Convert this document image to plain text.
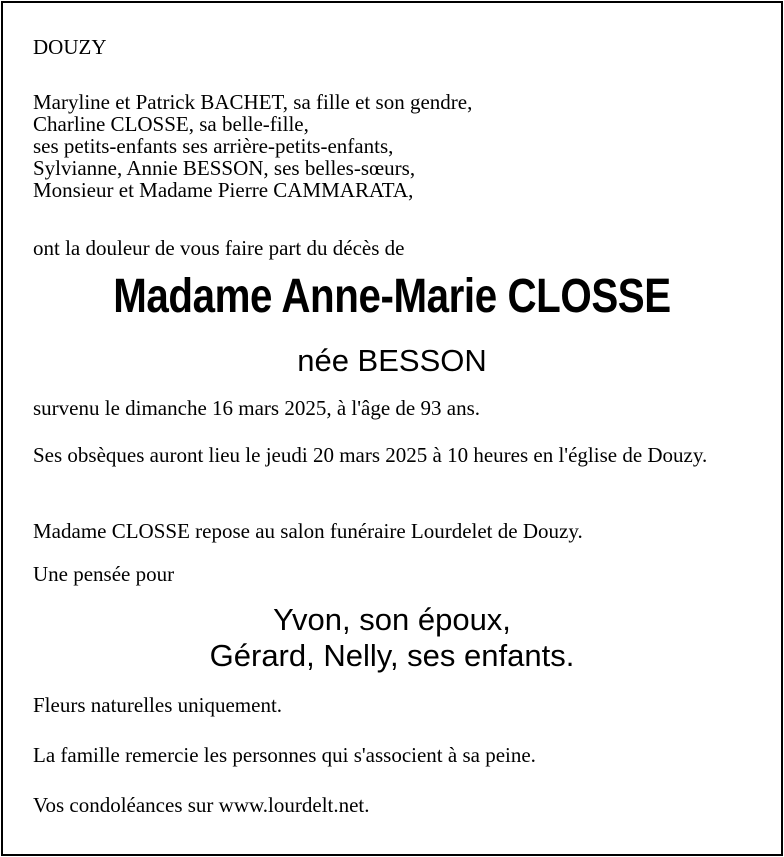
DOUZY

Maryline et Patrick BACHET, sa fille et son gendre,
Charline CLOSSE, sa belle-fille,
ses petits-enfants ses arrière-petits-enfants,
Sylvianne, Annie BESSON, ses belles-sœurs,
Monsieur et Madame Pierre CAMMARATA,

ont la douleur de vous faire part du décès de

Madame Anne-Marie CLOSSE

née BESSON

survenu le dimanche 16 mars 2025, à l'âge de 93 ans.

Ses obsèques auront lieu le jeudi 20 mars 2025 à 10 heures en l'église de Douzy.

Madame CLOSSE repose au salon funéraire Lourdelet de Douzy.

Une pensée pour

Yvon, son époux,
Gérard, Nelly, ses enfants.

Fleurs naturelles uniquement.

La famille remercie les personnes qui s'associent à sa peine.

Vos condoléances sur www.lourdelt.net.
